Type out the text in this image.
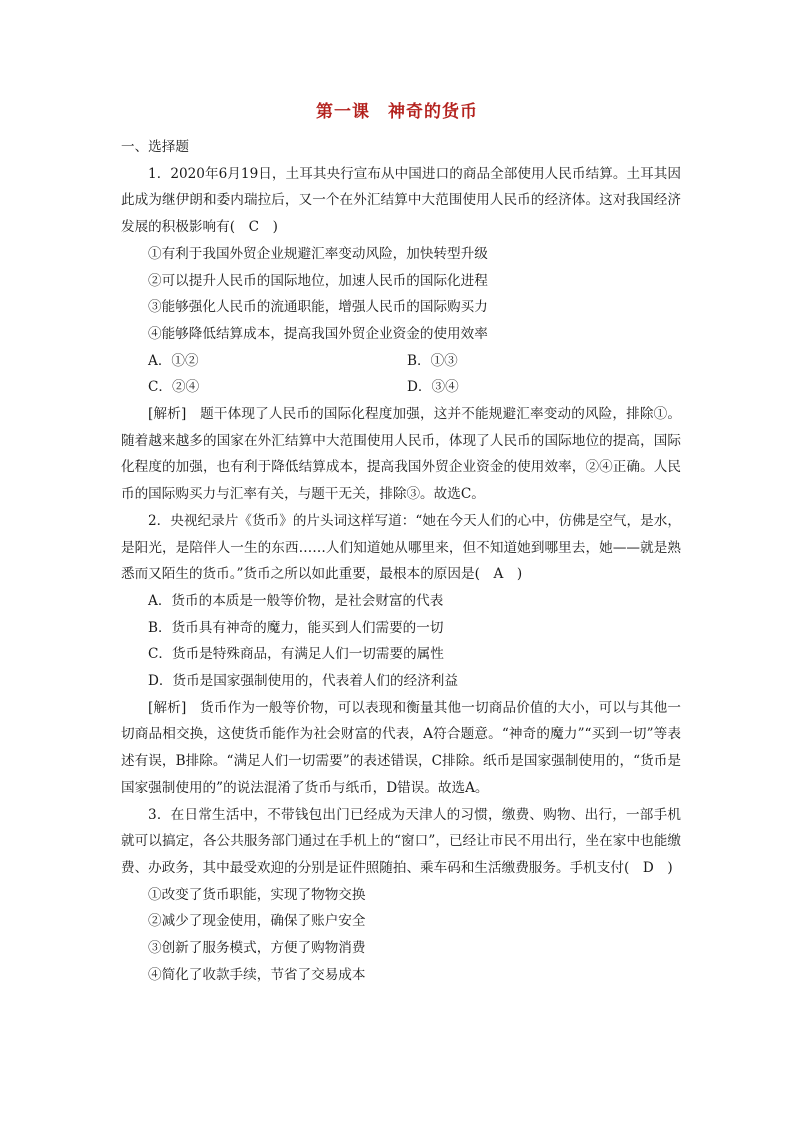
第一课　神奇的货币

一、选择题

1．2020年6月19日，土耳其央行宣布从中国进口的商品全部使用人民币结算。土耳其因此成为继伊朗和委内瑞拉后，又一个在外汇结算中大范围使用人民币的经济体。这对我国经济发展的积极影响有(　C　)

①有利于我国外贸企业规避汇率变动风险，加快转型升级

②可以提升人民币的国际地位，加速人民币的国际化进程

③能够强化人民币的流通职能，增强人民币的国际购买力

④能够降低结算成本，提高我国外贸企业资金的使用效率

A．①②	B．①③
C．②④	D．③④

[解析]　题干体现了人民币的国际化程度加强，这并不能规避汇率变动的风险，排除①。随着越来越多的国家在外汇结算中大范围使用人民币，体现了人民币的国际地位的提高，国际化程度的加强，也有利于降低结算成本，提高我国外贸企业资金的使用效率，②④正确。人民币的国际购买力与汇率有关，与题干无关，排除③。故选C。

2．央视纪录片《货币》的片头词这样写道：“她在今天人们的心中，仿佛是空气，是水，是阳光，是陪伴人一生的东西……人们知道她从哪里来，但不知道她到哪里去，她——就是熟悉而又陌生的货币。”货币之所以如此重要，最根本的原因是(　A　)

A．货币的本质是一般等价物，是社会财富的代表

B．货币具有神奇的魔力，能买到人们需要的一切

C．货币是特殊商品，有满足人们一切需要的属性

D．货币是国家强制使用的，代表着人们的经济利益

[解析]　货币作为一般等价物，可以表现和衡量其他一切商品价值的大小，可以与其他一切商品相交换，这使货币能作为社会财富的代表，A符合题意。“神奇的魔力”“买到一切”等表述有误，B排除。“满足人们一切需要”的表述错误，C排除。纸币是国家强制使用的，“货币是国家强制使用的”的说法混淆了货币与纸币，D错误。故选A。

3．在日常生活中，不带钱包出门已经成为天津人的习惯，缴费、购物、出行，一部手机就可以搞定，各公共服务部门通过在手机上的“窗口”，已经让市民不用出行，坐在家中也能缴费、办政务，其中最受欢迎的分别是证件照随拍、乘车码和生活缴费服务。手机支付(　D　)

①改变了货币职能，实现了物物交换

②减少了现金使用，确保了账户安全

③创新了服务模式，方便了购物消费

④简化了收款手续，节省了交易成本
